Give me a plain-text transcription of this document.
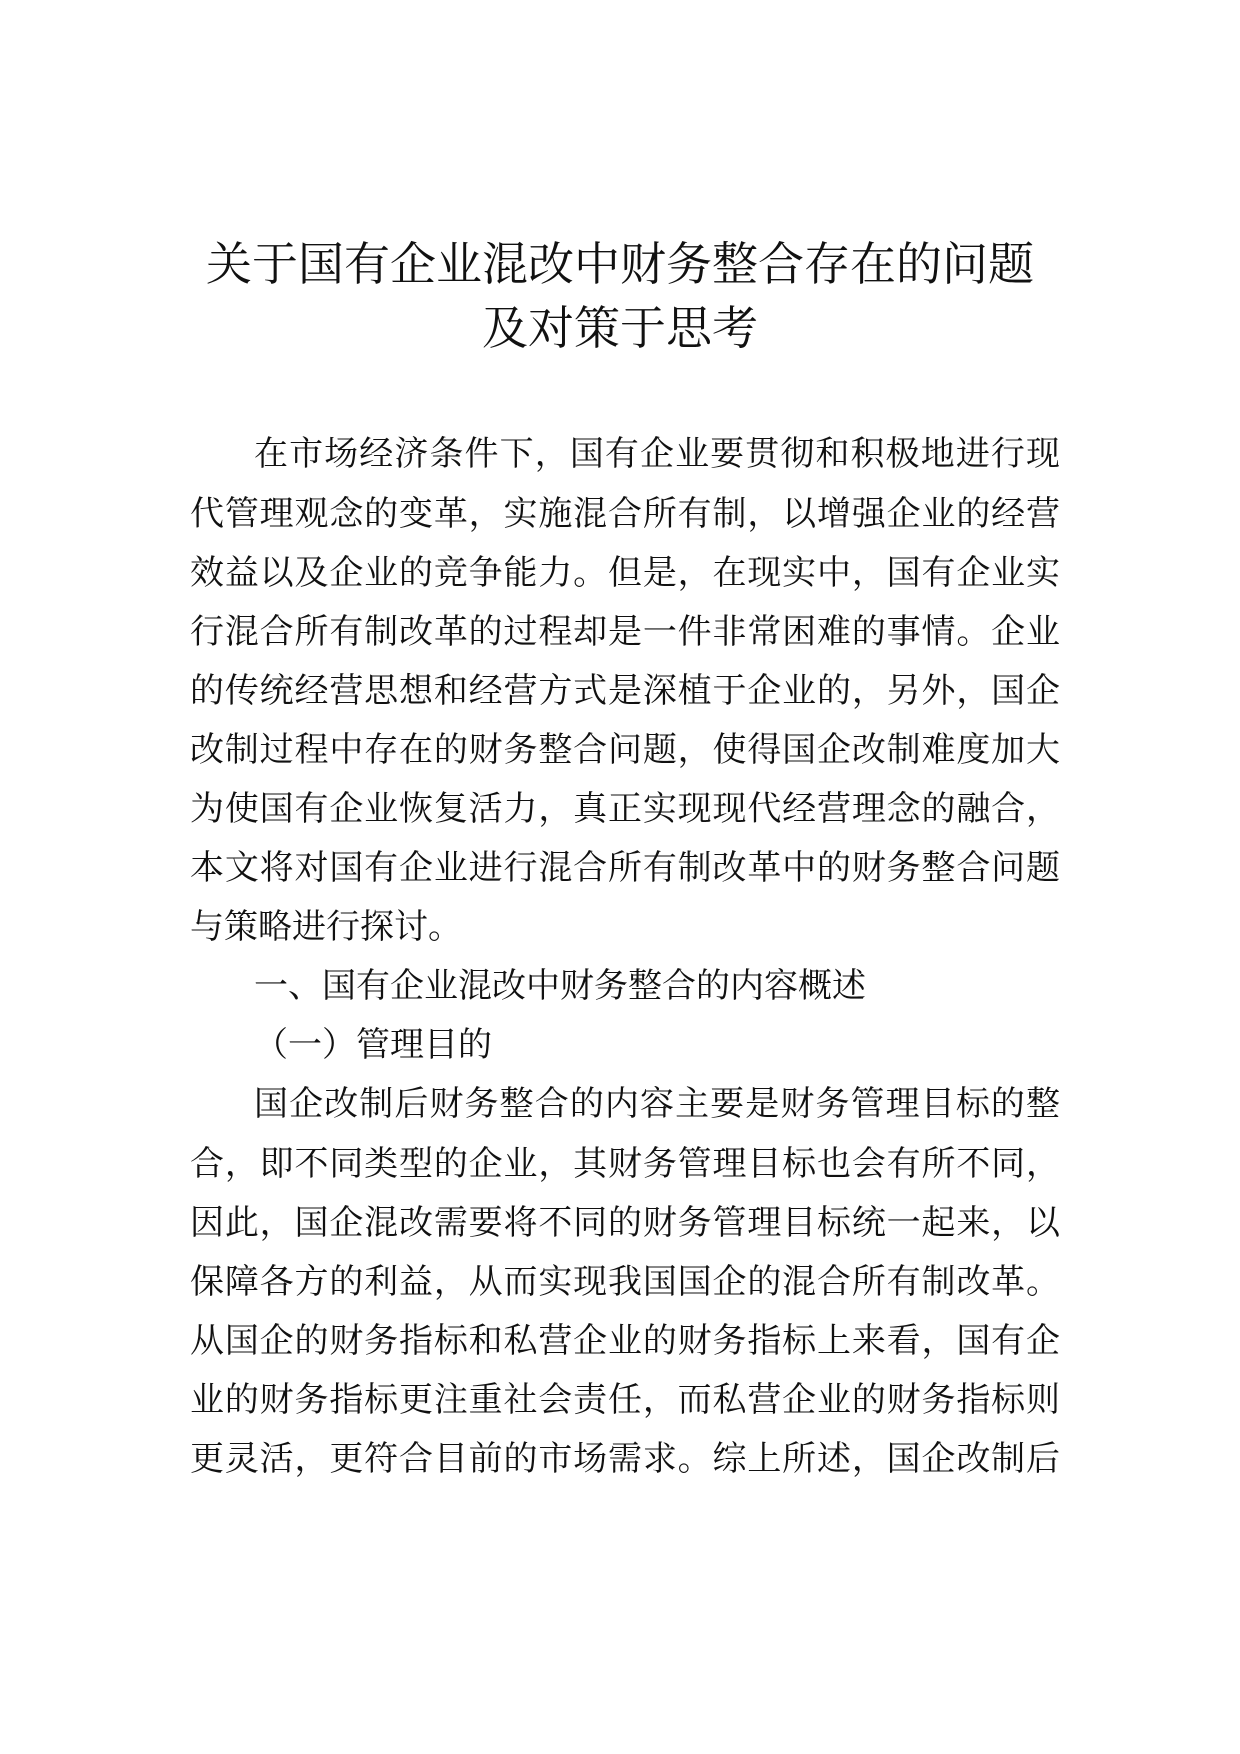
关于国有企业混改中财务整合存在的问题
及对策于思考
在市场经济条件下，国有企业要贯彻和积极地进行现
代管理观念的变革，实施混合所有制，以增强企业的经营
效益以及企业的竞争能力。但是，在现实中，国有企业实
行混合所有制改革的过程却是一件非常困难的事情。企业
的传统经营思想和经营方式是深植于企业的，另外，国企
改制过程中存在的财务整合问题，使得国企改制难度加大
为使国有企业恢复活力，真正实现现代经营理念的融合，
本文将对国有企业进行混合所有制改革中的财务整合问题
与策略进行探讨。
一、国有企业混改中财务整合的内容概述
（一）管理目的
国企改制后财务整合的内容主要是财务管理目标的整
合，即不同类型的企业，其财务管理目标也会有所不同，
因此，国企混改需要将不同的财务管理目标统一起来，以
保障各方的利益，从而实现我国国企的混合所有制改革。
从国企的财务指标和私营企业的财务指标上来看，国有企
业的财务指标更注重社会责任，而私营企业的财务指标则
更灵活，更符合目前的市场需求。综上所述，国企改制后
